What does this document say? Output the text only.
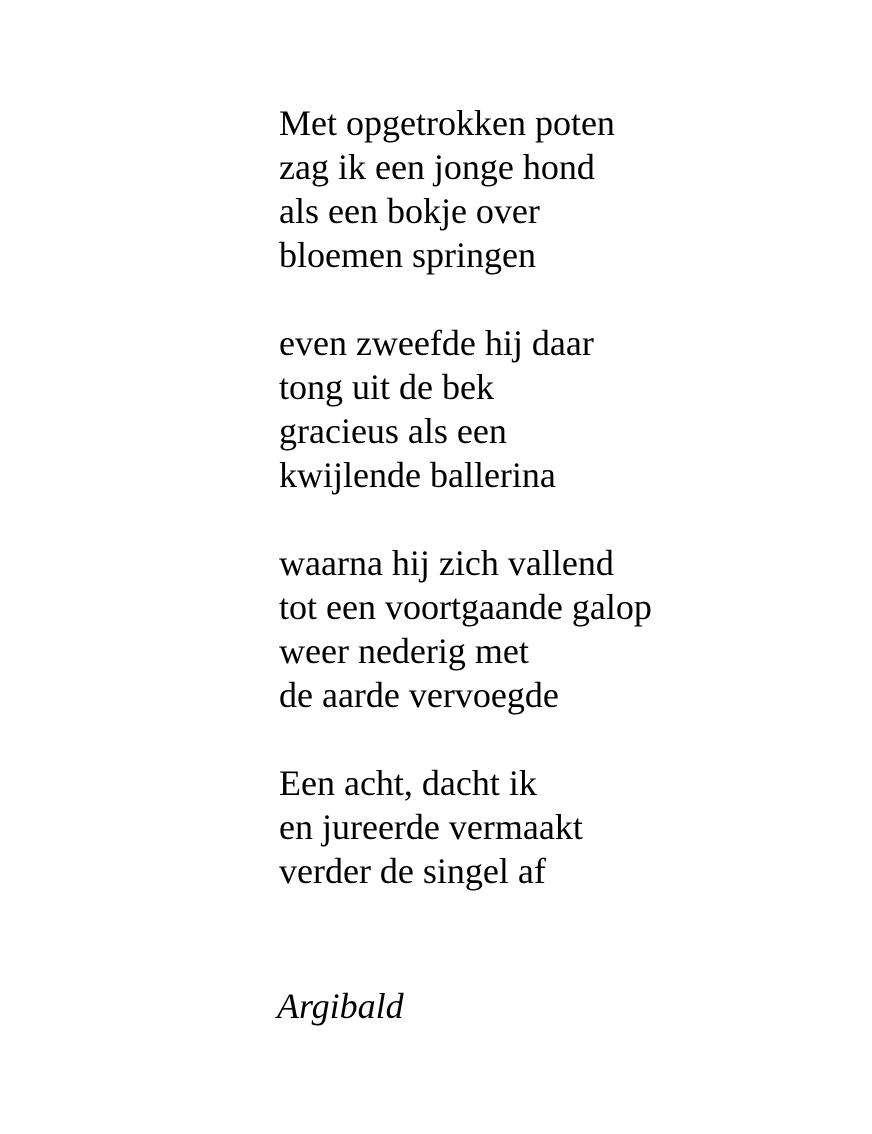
Met opgetrokken poten
zag ik een jonge hond
als een bokje over
bloemen springen
even zweefde hij daar
tong uit de bek
gracieus als een
kwijlende ballerina
waarna hij zich vallend
tot een voortgaande galop
weer nederig met
de aarde vervoegde
Een acht, dacht ik
en jureerde vermaakt
verder de singel af

Argibald
